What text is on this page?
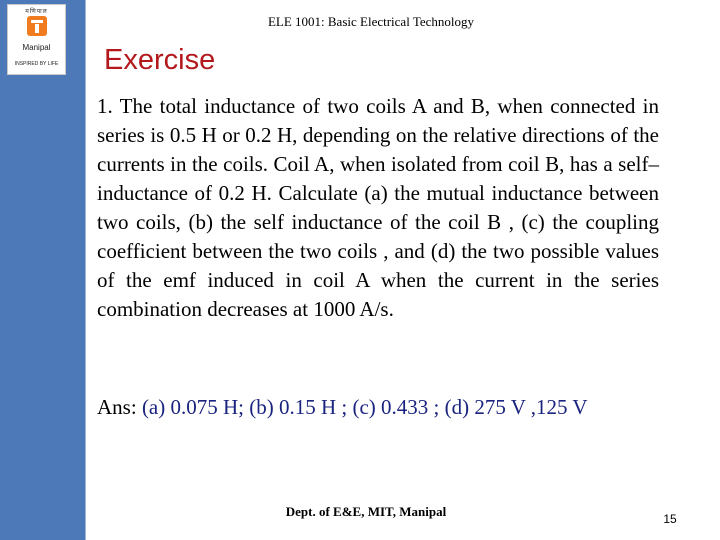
मणिपाल
Manipal
INSPIRED BY LIFE
ELE 1001: Basic Electrical Technology
Exercise
1. The total inductance of two coils A and B, when connected in series is 0.5 H or 0.2 H, depending on the relative directions of the currents in the coils. Coil A, when isolated from coil B, has a self–inductance of 0.2 H. Calculate (a) the mutual inductance between two coils, (b) the self inductance of the coil B , (c) the coupling coefficient between the two coils , and (d) the two possible values of the emf induced in coil A when the current in the series combination decreases at 1000 A/s.
Ans: (a) 0.075 H; (b) 0.15 H ; (c) 0.433 ; (d) 275 V ,125 V
Dept. of E&E, MIT, Manipal	15
